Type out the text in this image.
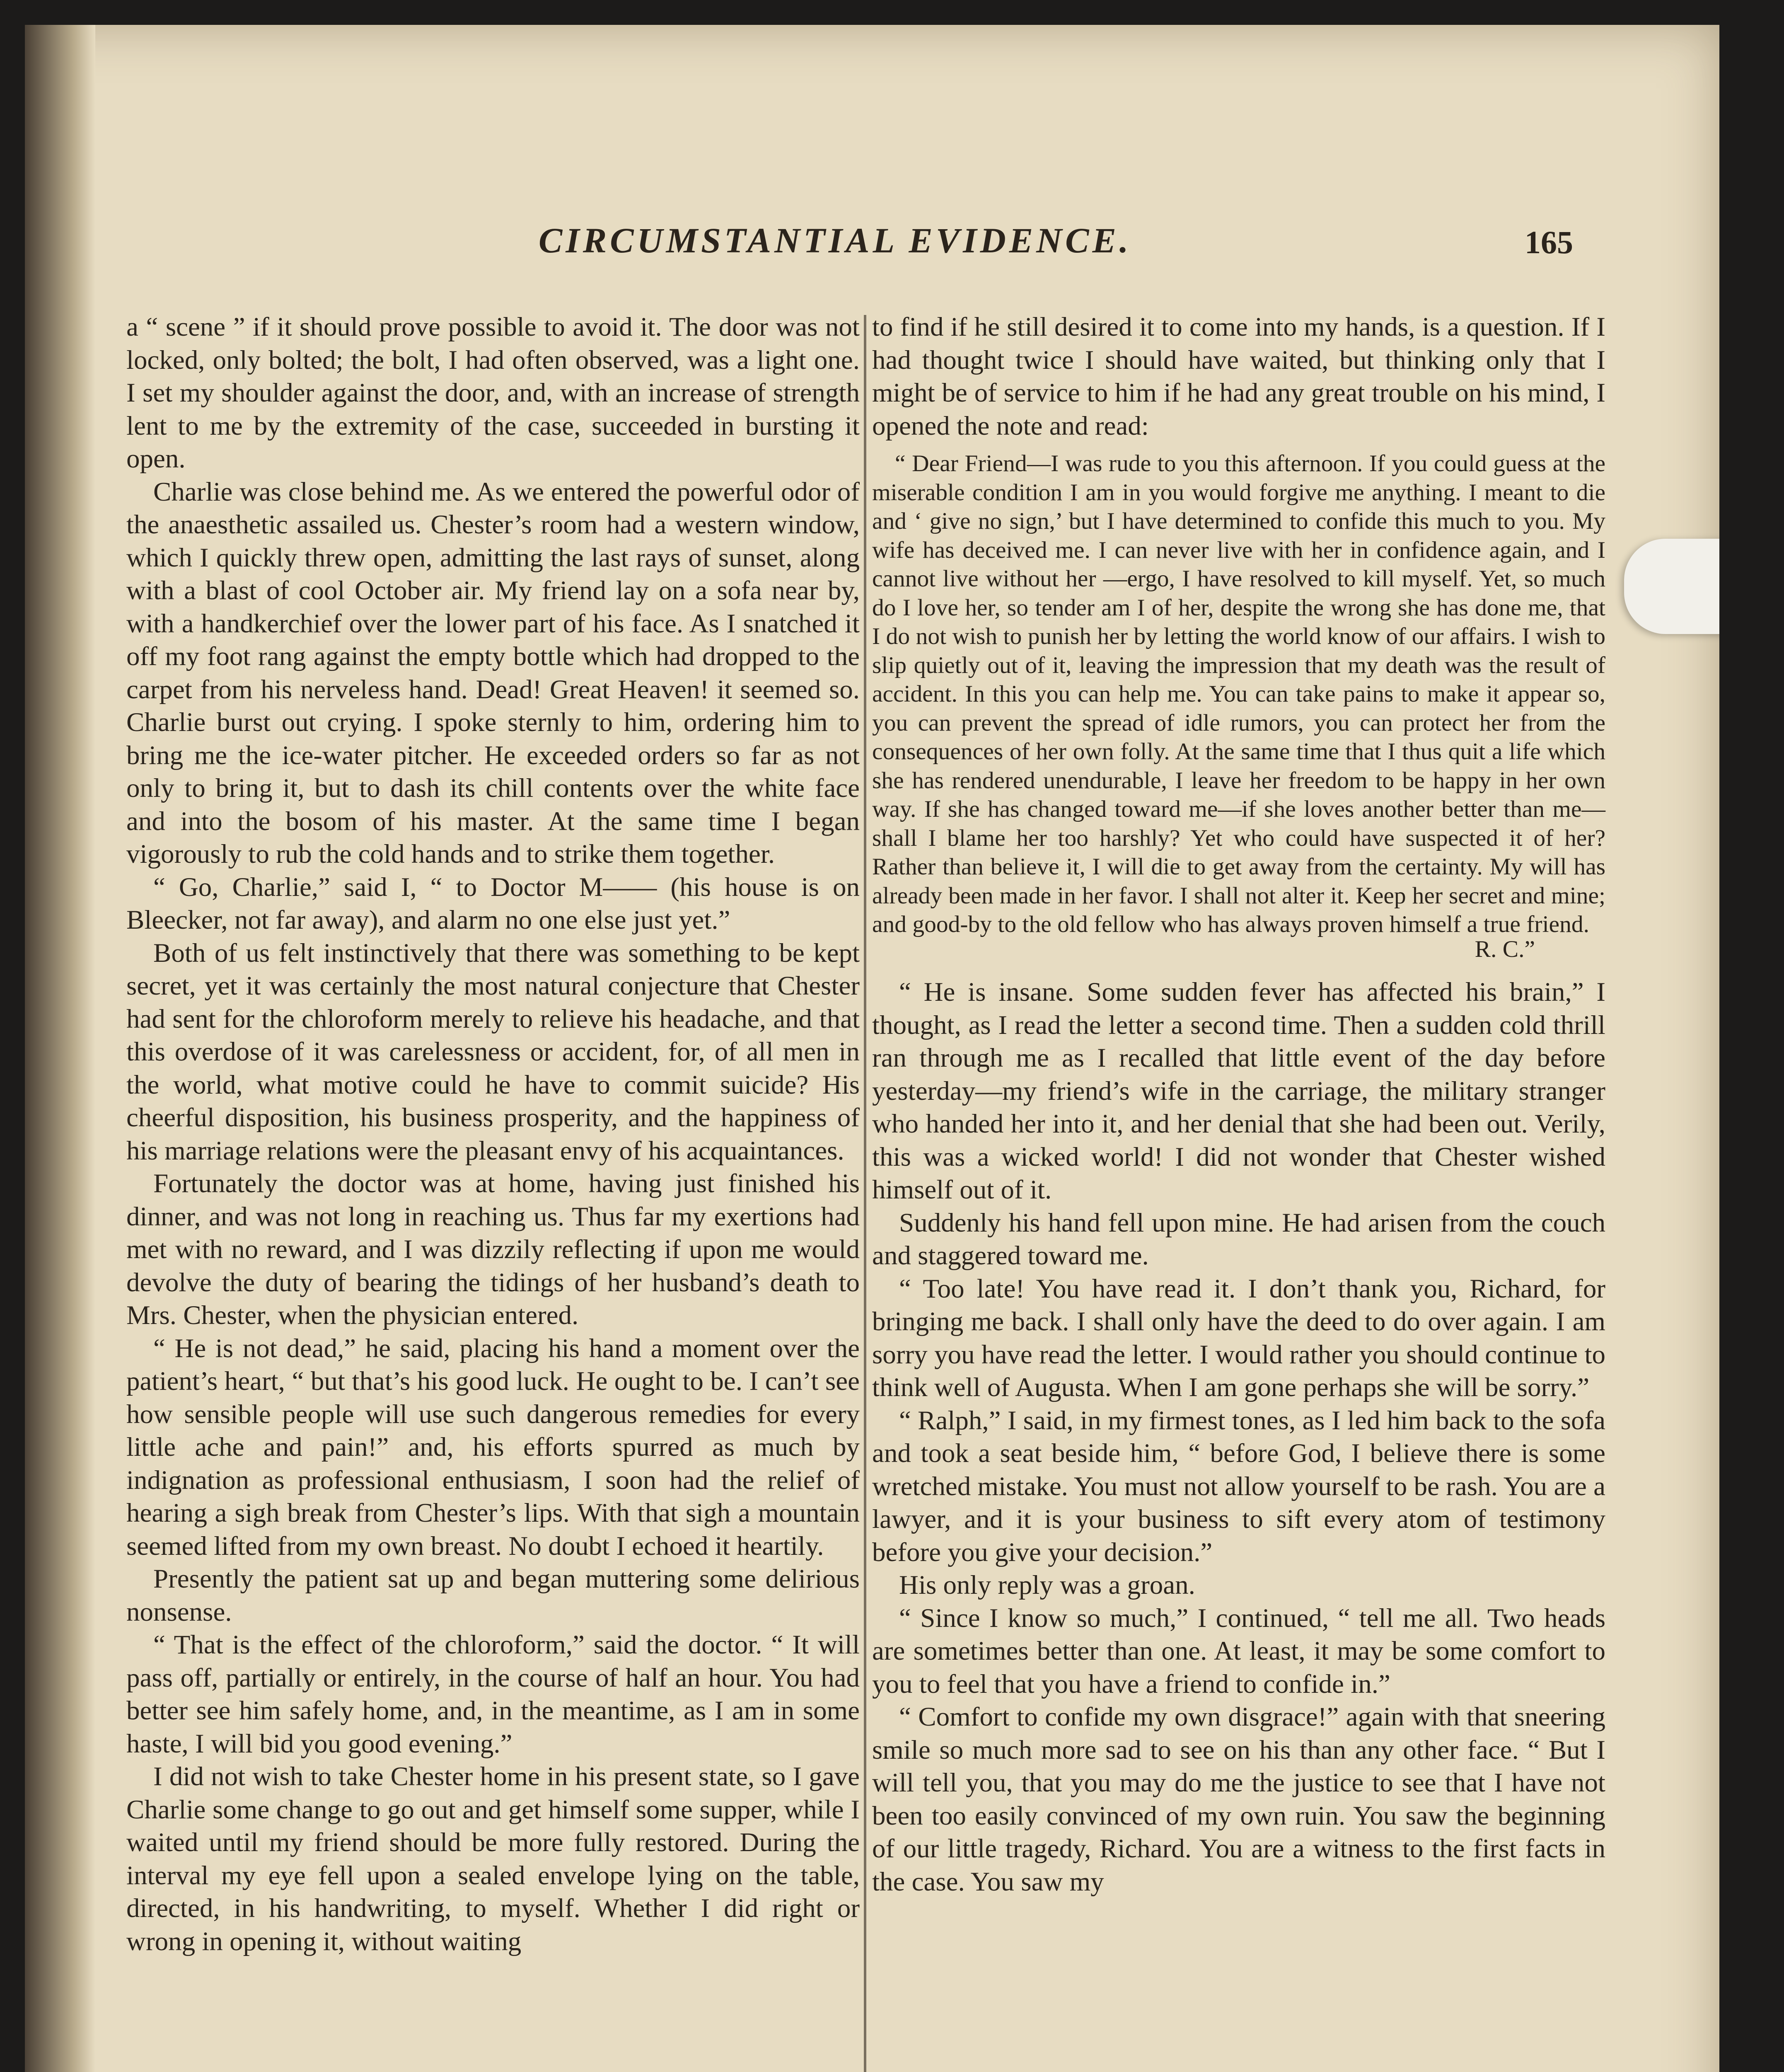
CIRCUMSTANTIAL EVIDENCE.	165

a “ scene ” if it should prove possible to avoid it. The door was not locked, only bolted; the bolt, I had often observed, was a light one. I set my shoulder against the door, and, with an increase of strength lent to me by the extremity of the case, succeeded in bursting it open.

Charlie was close behind me. As we entered the powerful odor of the anaesthetic assailed us. Chester’s room had a western window, which I quickly threw open, admitting the last rays of sunset, along with a blast of cool October air. My friend lay on a sofa near by, with a handkerchief over the lower part of his face. As I snatched it off my foot rang against the empty bottle which had dropped to the carpet from his nerveless hand. Dead! Great Heaven! it seemed so. Charlie burst out crying. I spoke sternly to him, ordering him to bring me the ice-water pitcher. He exceeded orders so far as not only to bring it, but to dash its chill contents over the white face and into the bosom of his master. At the same time I began vigorously to rub the cold hands and to strike them together.

“ Go, Charlie,” said I, “ to Doctor M—— (his house is on Bleecker, not far away), and alarm no one else just yet.”

Both of us felt instinctively that there was something to be kept secret, yet it was certainly the most natural conjecture that Chester had sent for the chloroform merely to relieve his headache, and that this overdose of it was carelessness or accident, for, of all men in the world, what motive could he have to commit suicide? His cheerful disposition, his business prosperity, and the happiness of his marriage relations were the pleasant envy of his acquaintances.

Fortunately the doctor was at home, having just finished his dinner, and was not long in reaching us. Thus far my exertions had met with no reward, and I was dizzily reflecting if upon me would devolve the duty of bearing the tidings of her husband’s death to Mrs. Chester, when the physician entered.

“ He is not dead,” he said, placing his hand a moment over the patient’s heart, “ but that’s his good luck. He ought to be. I can’t see how sensible people will use such dangerous remedies for every little ache and pain!” and, his efforts spurred as much by indignation as professional enthusiasm, I soon had the relief of hearing a sigh break from Chester’s lips. With that sigh a mountain seemed lifted from my own breast. No doubt I echoed it heartily.

Presently the patient sat up and began muttering some delirious nonsense.

“ That is the effect of the chloroform,” said the doctor. “ It will pass off, partially or entirely, in the course of half an hour. You had better see him safely home, and, in the meantime, as I am in some haste, I will bid you good evening.”

I did not wish to take Chester home in his present state, so I gave Charlie some change to go out and get himself some supper, while I waited until my friend should be more fully restored. During the interval my eye fell upon a sealed envelope lying on the table, directed, in his handwriting, to myself. Whether I did right or wrong in opening it, without waiting

to find if he still desired it to come into my hands, is a question. If I had thought twice I should have waited, but thinking only that I might be of service to him if he had any great trouble on his mind, I opened the note and read:

“ Dear Friend—I was rude to you this afternoon. If you could guess at the miserable condition I am in you would forgive me anything. I meant to die and ‘ give no sign,’ but I have determined to confide this much to you. My wife has deceived me. I can never live with her in confidence again, and I cannot live without her —ergo, I have resolved to kill myself. Yet, so much do I love her, so tender am I of her, despite the wrong she has done me, that I do not wish to punish her by letting the world know of our affairs. I wish to slip quietly out of it, leaving the impression that my death was the result of accident. In this you can help me. You can take pains to make it appear so, you can prevent the spread of idle rumors, you can protect her from the consequences of her own folly. At the same time that I thus quit a life which she has rendered unendurable, I leave her freedom to be happy in her own way. If she has changed toward me—if she loves another better than me—shall I blame her too harshly? Yet who could have suspected it of her? Rather than believe it, I will die to get away from the certainty. My will has already been made in her favor. I shall not alter it. Keep her secret and mine; and good-by to the old fellow who has always proven himself a true friend.

R. C.”

“ He is insane. Some sudden fever has affected his brain,” I thought, as I read the letter a second time. Then a sudden cold thrill ran through me as I recalled that little event of the day before yesterday—my friend’s wife in the carriage, the military stranger who handed her into it, and her denial that she had been out. Verily, this was a wicked world! I did not wonder that Chester wished himself out of it.

Suddenly his hand fell upon mine. He had arisen from the couch and staggered toward me.

“ Too late! You have read it. I don’t thank you, Richard, for bringing me back. I shall only have the deed to do over again. I am sorry you have read the letter. I would rather you should continue to think well of Augusta. When I am gone perhaps she will be sorry.”

“ Ralph,” I said, in my firmest tones, as I led him back to the sofa and took a seat beside him, “ before God, I believe there is some wretched mistake. You must not allow yourself to be rash. You are a lawyer, and it is your business to sift every atom of testimony before you give your decision.”

His only reply was a groan.

“ Since I know so much,” I continued, “ tell me all. Two heads are sometimes better than one. At least, it may be some comfort to you to feel that you have a friend to confide in.”

“ Comfort to confide my own disgrace!” again with that sneering smile so much more sad to see on his than any other face. “ But I will tell you, that you may do me the justice to see that I have not been too easily convinced of my own ruin. You saw the beginning of our little tragedy, Richard. You are a witness to the first facts in the case. You saw my
